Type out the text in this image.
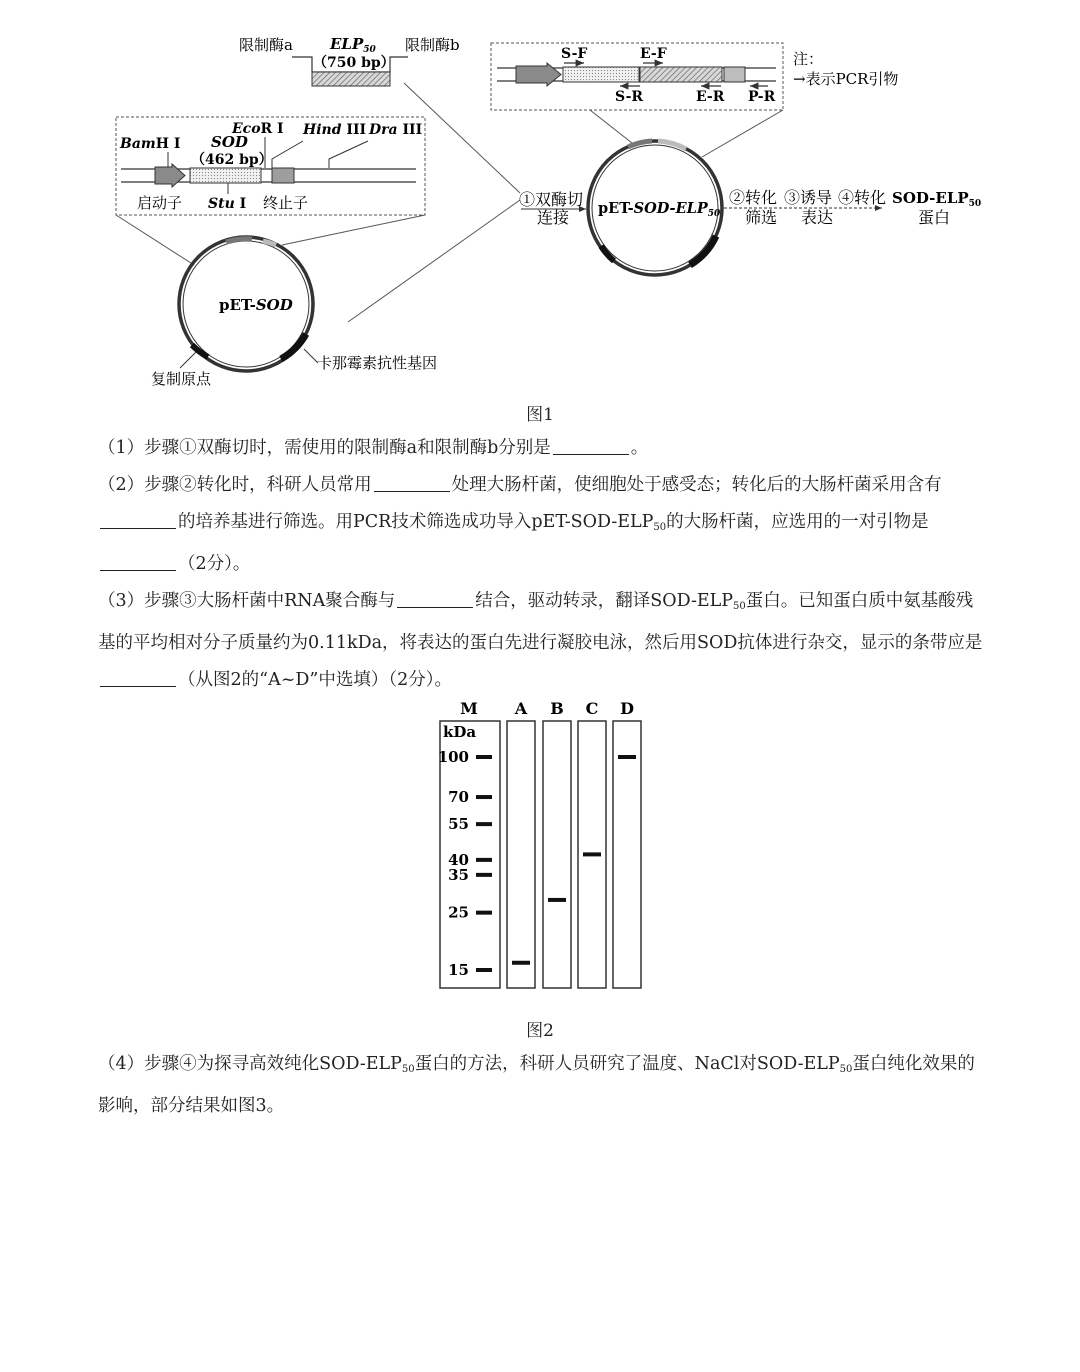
限制酶a $ELP_{50}$
（750 bp）
限制酶b	S-F	E-F
S-R	E-R P-R
注：
→表示PCR引物
BamH I SOD
（462 bp）
EcoR I Hind III Dra III
启动子 Stu I 终止子
pET-SOD
复制原点
卡那霉素抗性基因
①双酶切
连接 pET-$SOD-ELP_{50}$
②转化
筛选
③诱导
表达
④转化 SOD-$ELP_{50}$
蛋白
图1

（1）步骤①双酶切时，需使用的限制酶a和限制酶b分别是	。

（2）步骤②转化时，科研人员常用	处理大肠杆菌，使细胞处于感受态；转化后的大肠杆菌采用含有的培养基进行筛选。用PCR技术筛选成功导入pET-$SOD-ELP_{50}$的大肠杆菌，应选用的一对引物是（2分）。

（3）步骤③大肠杆菌中RNA聚合酶与	结合，驱动转录，翻译SOD-$ELP_{50}$蛋白。已知蛋白质中氨基酸残基的平均相对分子质量约为0.11kDa，将表达的蛋白先进行凝胶电泳，然后用SOD抗体进行杂交，显示的条带应是（从图2的“A~D”中选填）（2分）。

M A B C D
kDa
100
70
55
40
35
25
15
图2

（4）步骤④为探寻高效纯化SOD-$ELP_{50}$蛋白的方法，科研人员研究了温度、NaCl对SOD-$ELP_{50}$蛋白纯化效果的影响，部分结果如图3。
